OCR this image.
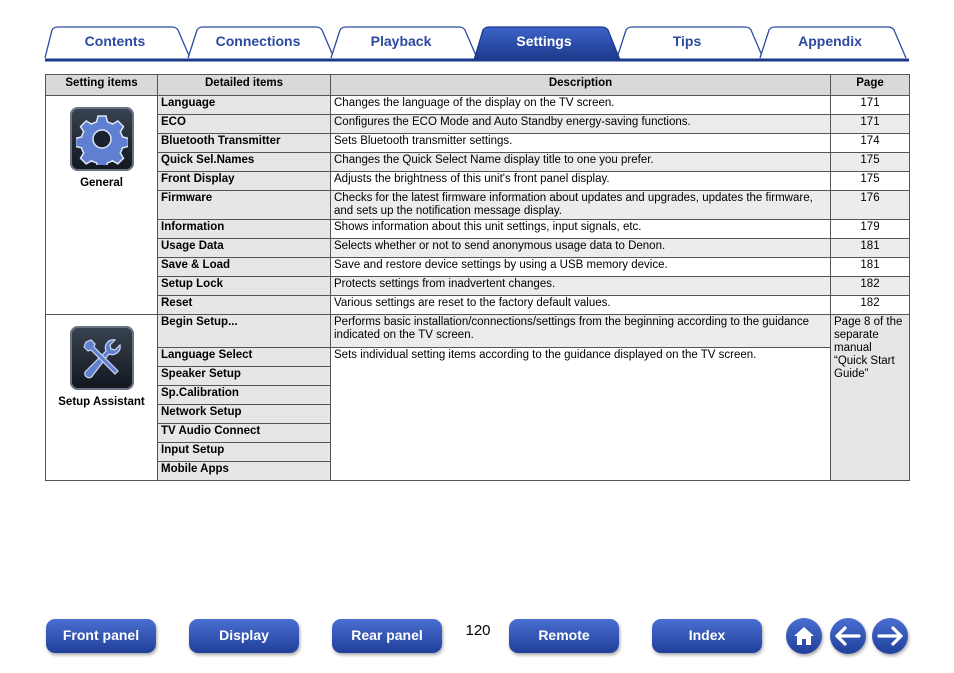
Contents	Connections	Playback	Settings	Tips	Appendix
Setting items	Detailed items	Description	Page

General			

	Language	Changes the language of the display on the TV screen.	171
	ECO	Configures the ECO Mode and Auto Standby energy-saving functions.	171
	Bluetooth Transmitter	Sets Bluetooth transmitter settings.	174
	Quick Sel.Names	Changes the Quick Select Name display title to one you prefer.	175
	Front Display	Adjusts the brightness of this unit's front panel display.	175
	Firmware	Checks for the latest firmware information about updates and upgrades, updates the firmware, and sets up the notification message display.	176
	Information	Shows information about this unit settings, input signals, etc.	179
	Usage Data	Selects whether or not to send anonymous usage data to Denon.	181
	Save & Load	Save and restore device settings by using a USB memory device.	181
	Setup Lock	Protects settings from inadvertent changes.	182
	Reset	Various settings are reset to the factory default values.	182

Setup Assistant	Begin Setup...	Performs basic installation/connections/settings from the beginning according to the guidance indicated on the TV screen.	Page 8 of the separate manual “Quick Start Guide”
	Language Select	Sets individual setting items according to the guidance displayed on the TV screen.	
	Speaker Setup		
	Sp.Calibration		
	Network Setup		
	TV Audio Connect		
	Input Setup		
	Mobile Apps		
Front panel	Display	Rear panel	120	Remote	Index
